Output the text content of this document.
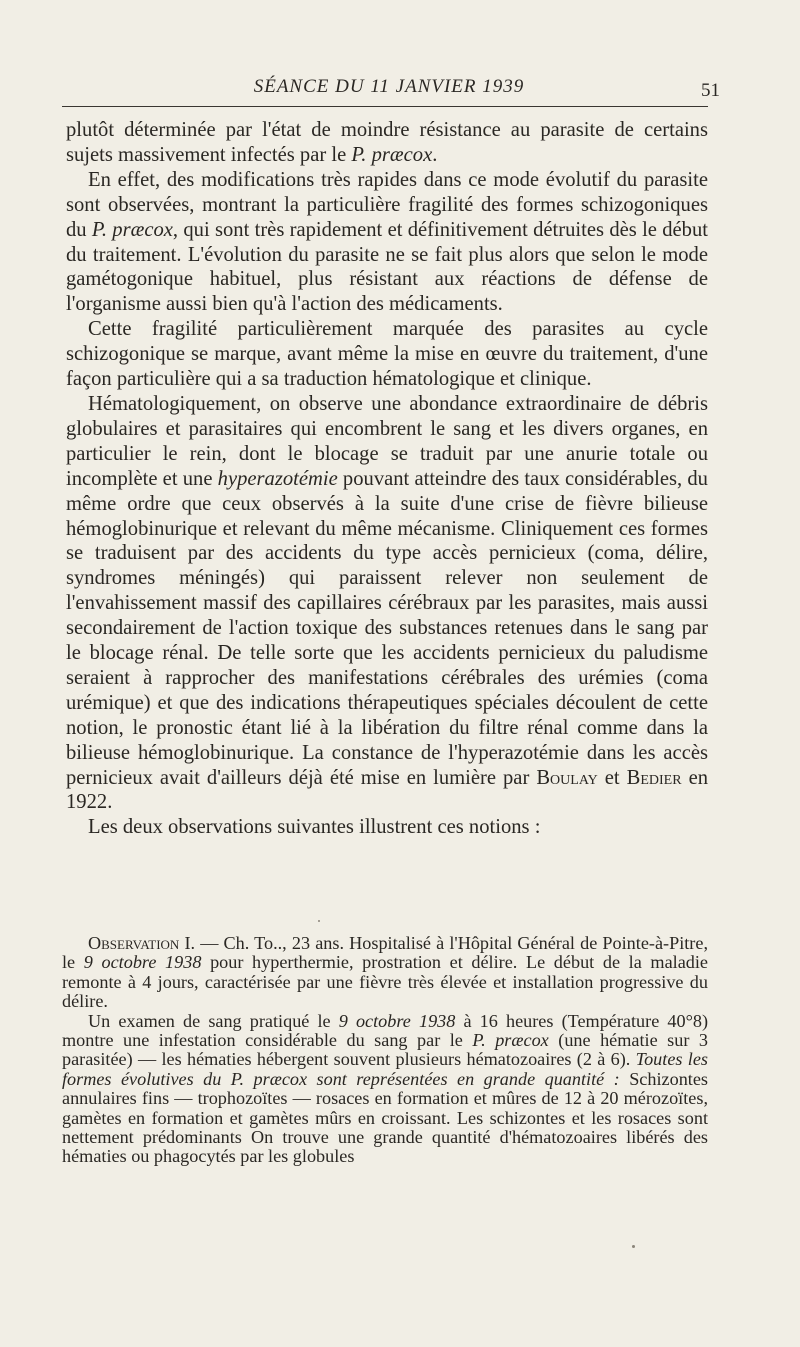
SÉANCE DU 11 JANVIER 1939	51

plutôt déterminée par l'état de moindre résistance au parasite de certains sujets massivement infectés par le P. præcox.

En effet, des modifications très rapides dans ce mode évolutif du parasite sont observées, montrant la particulière fragilité des formes schizogoniques du P. præcox, qui sont très rapidement et définitivement détruites dès le début du traitement. L'évolution du parasite ne se fait plus alors que selon le mode gamétogonique habituel, plus résistant aux réactions de défense de l'organisme aussi bien qu'à l'action des médicaments.

Cette fragilité particulièrement marquée des parasites au cycle schizogonique se marque, avant même la mise en œuvre du traitement, d'une façon particulière qui a sa traduction hématologique et clinique.

Hématologiquement, on observe une abondance extraordinaire de débris globulaires et parasitaires qui encombrent le sang et les divers organes, en particulier le rein, dont le blocage se traduit par une anurie totale ou incomplète et une hyperazotémie pouvant atteindre des taux considérables, du même ordre que ceux observés à la suite d'une crise de fièvre bilieuse hémoglobinurique et relevant du même mécanisme. Cliniquement ces formes se traduisent par des accidents du type accès pernicieux (coma, délire, syndromes méningés) qui paraissent relever non seulement de l'envahissement massif des capillaires cérébraux par les parasites, mais aussi secondairement de l'action toxique des substances retenues dans le sang par le blocage rénal. De telle sorte que les accidents pernicieux du paludisme seraient à rapprocher des manifestations cérébrales des urémies (coma urémique) et que des indications thérapeutiques spéciales découlent de cette notion, le pronostic étant lié à la libération du filtre rénal comme dans la bilieuse hémoglobinurique. La constance de l'hyperazotémie dans les accès pernicieux avait d'ailleurs déjà été mise en lumière par Boulay et Bedier en 1922.

Les deux observations suivantes illustrent ces notions :

Observation I. — Ch. To.., 23 ans. Hospitalisé à l'Hôpital Général de Pointe-à-Pitre, le 9 octobre 1938 pour hyperthermie, prostration et délire. Le début de la maladie remonte à 4 jours, caractérisée par une fièvre très élevée et installation progressive du délire.

Un examen de sang pratiqué le 9 octobre 1938 à 16 heures (Température 40°8) montre une infestation considérable du sang par le P. præcox (une hématie sur 3 parasitée) — les hématies hébergent souvent plusieurs hématozoaires (2 à 6). Toutes les formes évolutives du P. præcox sont représentées en grande quantité : Schizontes annulaires fins — trophozoïtes — rosaces en formation et mûres de 12 à 20 mérozoïtes, gamètes en formation et gamètes mûrs en croissant. Les schizontes et les rosaces sont nettement prédominants On trouve une grande quantité d'hématozoaires libérés des hématies ou phagocytés par les globules
